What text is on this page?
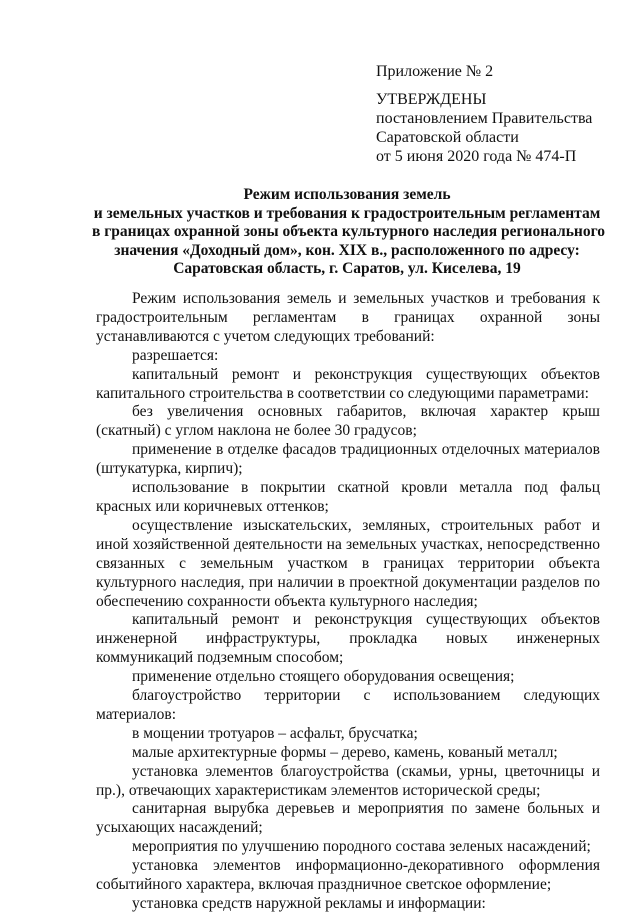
Приложение № 2
УТВЕРЖДЕНЫ
постановлением Правительства
Саратовской области
от 5 июня 2020 года № 474-П
Режим использования земель
и земельных участков и требования к градостроительным регламентам
в границах охранной зоны объекта культурного наследия регионального
значения «Доходный дом», кон. XIX в., расположенного по адресу:
Саратовская область, г. Саратов, ул. Киселева, 19

Режим использования земель и земельных участков и требования к градостроительным регламентам в границах охранной зоны устанавливаются с учетом следующих требований:

разрешается:

капитальный ремонт и реконструкция существующих объектов капитального строительства в соответствии со следующими параметрами:

без увеличения основных габаритов, включая характер крыш (скатный) с углом наклона не более 30 градусов;

применение в отделке фасадов традиционных отделочных материалов (штукатурка, кирпич);

использование в покрытии скатной кровли металла под фальц красных или коричневых оттенков;

осуществление изыскательских, земляных, строительных работ и иной хозяйственной деятельности на земельных участках, непосредственно связанных с земельным участком в границах территории объекта культурного наследия, при наличии в проектной документации разделов по обеспечению сохранности объекта культурного наследия;

капитальный ремонт и реконструкция существующих объектов инженерной инфраструктуры, прокладка новых инженерных коммуникаций подземным способом;

применение отдельно стоящего оборудования освещения;

благоустройство территории с использованием следующих материалов:

в мощении тротуаров – асфальт, брусчатка;

малые архитектурные формы – дерево, камень, кованый металл;

установка элементов благоустройства (скамьи, урны, цветочницы и пр.), отвечающих характеристикам элементов исторической среды;

санитарная вырубка деревьев и мероприятия по замене больных и усыхающих насаждений;

мероприятия по улучшению породного состава зеленых насаждений;

установка элементов информационно-декоративного оформления событийного характера, включая праздничное светское оформление;

установка средств наружной рекламы и информации:
